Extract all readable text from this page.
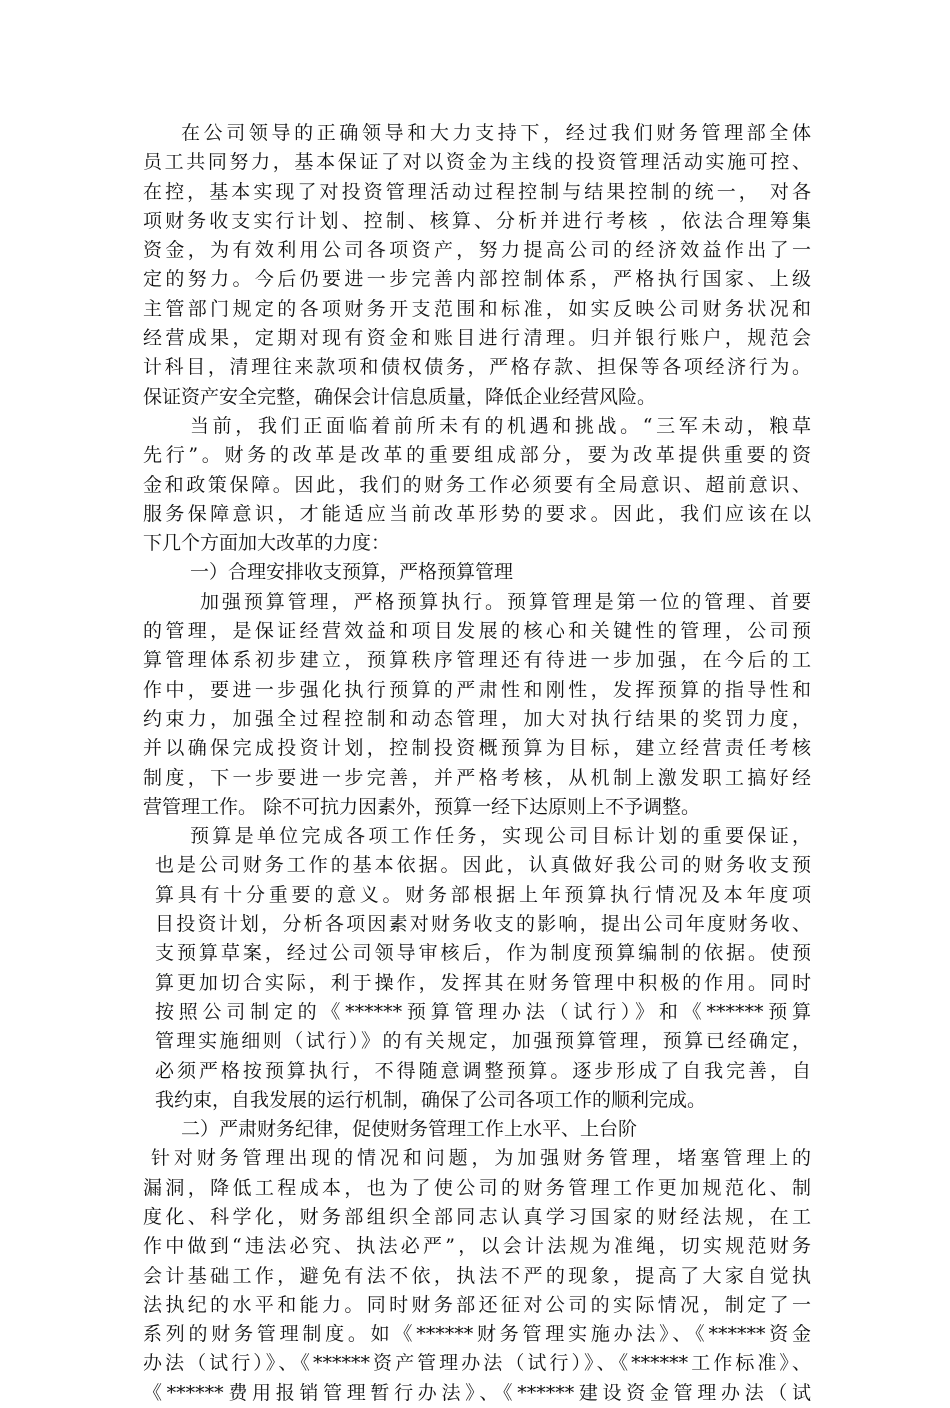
在公司领导的正确领导和大力支持下，经过我们财务管理部全体
员工共同努力，基本保证了对以资金为主线的投资管理活动实施可控、
在控，基本实现了对投资管理活动过程控制与结果控制的统一， 对各
项财务收支实行计划、控制、核算、分析并进行考核 ，依法合理筹集
资金，为有效利用公司各项资产，努力提高公司的经济效益作出了一
定的努力。今后仍要进一步完善内部控制体系，严格执行国家、上级
主管部门规定的各项财务开支范围和标准，如实反映公司财务状况和
经营成果，定期对现有资金和账目进行清理。归并银行账户，规范会
计科目，清理往来款项和债权债务，严格存款、担保等各项经济行为。
保证资产安全完整，确保会计信息质量，降低企业经营风险。
当前，我们正面临着前所未有的机遇和挑战。“三军未动，粮草
先行”。财务的改革是改革的重要组成部分，要为改革提供重要的资
金和政策保障。因此，我们的财务工作必须要有全局意识、超前意识、
服务保障意识，才能适应当前改革形势的要求。因此，我们应该在以
下几个方面加大改革的力度：
一）合理安排收支预算，严格预算管理
加强预算管理，严格预算执行。预算管理是第一位的管理、首要
的管理，是保证经营效益和项目发展的核心和关键性的管理，公司预
算管理体系初步建立，预算秩序管理还有待进一步加强，在今后的工
作中，要进一步强化执行预算的严肃性和刚性，发挥预算的指导性和
约束力，加强全过程控制和动态管理，加大对执行结果的奖罚力度，
并以确保完成投资计划，控制投资概预算为目标，建立经营责任考核
制度，下一步要进一步完善，并严格考核，从机制上激发职工搞好经
营管理工作。 除不可抗力因素外，预算一经下达原则上不予调整。
预算是单位完成各项工作任务，实现公司目标计划的重要保证，
也是公司财务工作的基本依据。因此，认真做好我公司的财务收支预
算具有十分重要的意义。财务部根据上年预算执行情况及本年度项
目投资计划，分析各项因素对财务收支的影响，提出公司年度财务收、
支预算草案，经过公司领导审核后，作为制度预算编制的依据。使预
算更加切合实际，利于操作，发挥其在财务管理中积极的作用。同时
按照公司制定的《******预算管理办法（试行）》和《******预算
管理实施细则（试行）》的有关规定，加强预算管理，预算已经确定，
必须严格按预算执行，不得随意调整预算。逐步形成了自我完善，自
我约束，自我发展的运行机制，确保了公司各项工作的顺利完成。
二）严肃财务纪律，促使财务管理工作上水平、上台阶
针对财务管理出现的情况和问题，为加强财务管理，堵塞管理上的
漏洞，降低工程成本，也为了使公司的财务管理工作更加规范化、制
度化、科学化，财务部组织全部同志认真学习国家的财经法规，在工
作中做到“违法必究、执法必严”，以会计法规为准绳，切实规范财务
会计基础工作，避免有法不依，执法不严的现象，提高了大家自觉执
法执纪的水平和能力。同时财务部还征对公司的实际情况，制定了一
系列的财务管理制度。如《******财务管理实施办法》、《******资金
办法（试行）》、《******资产管理办法（试行）》、《******工作标准》、
《******费用报销管理暂行办法》、《******建设资金管理办法（试
